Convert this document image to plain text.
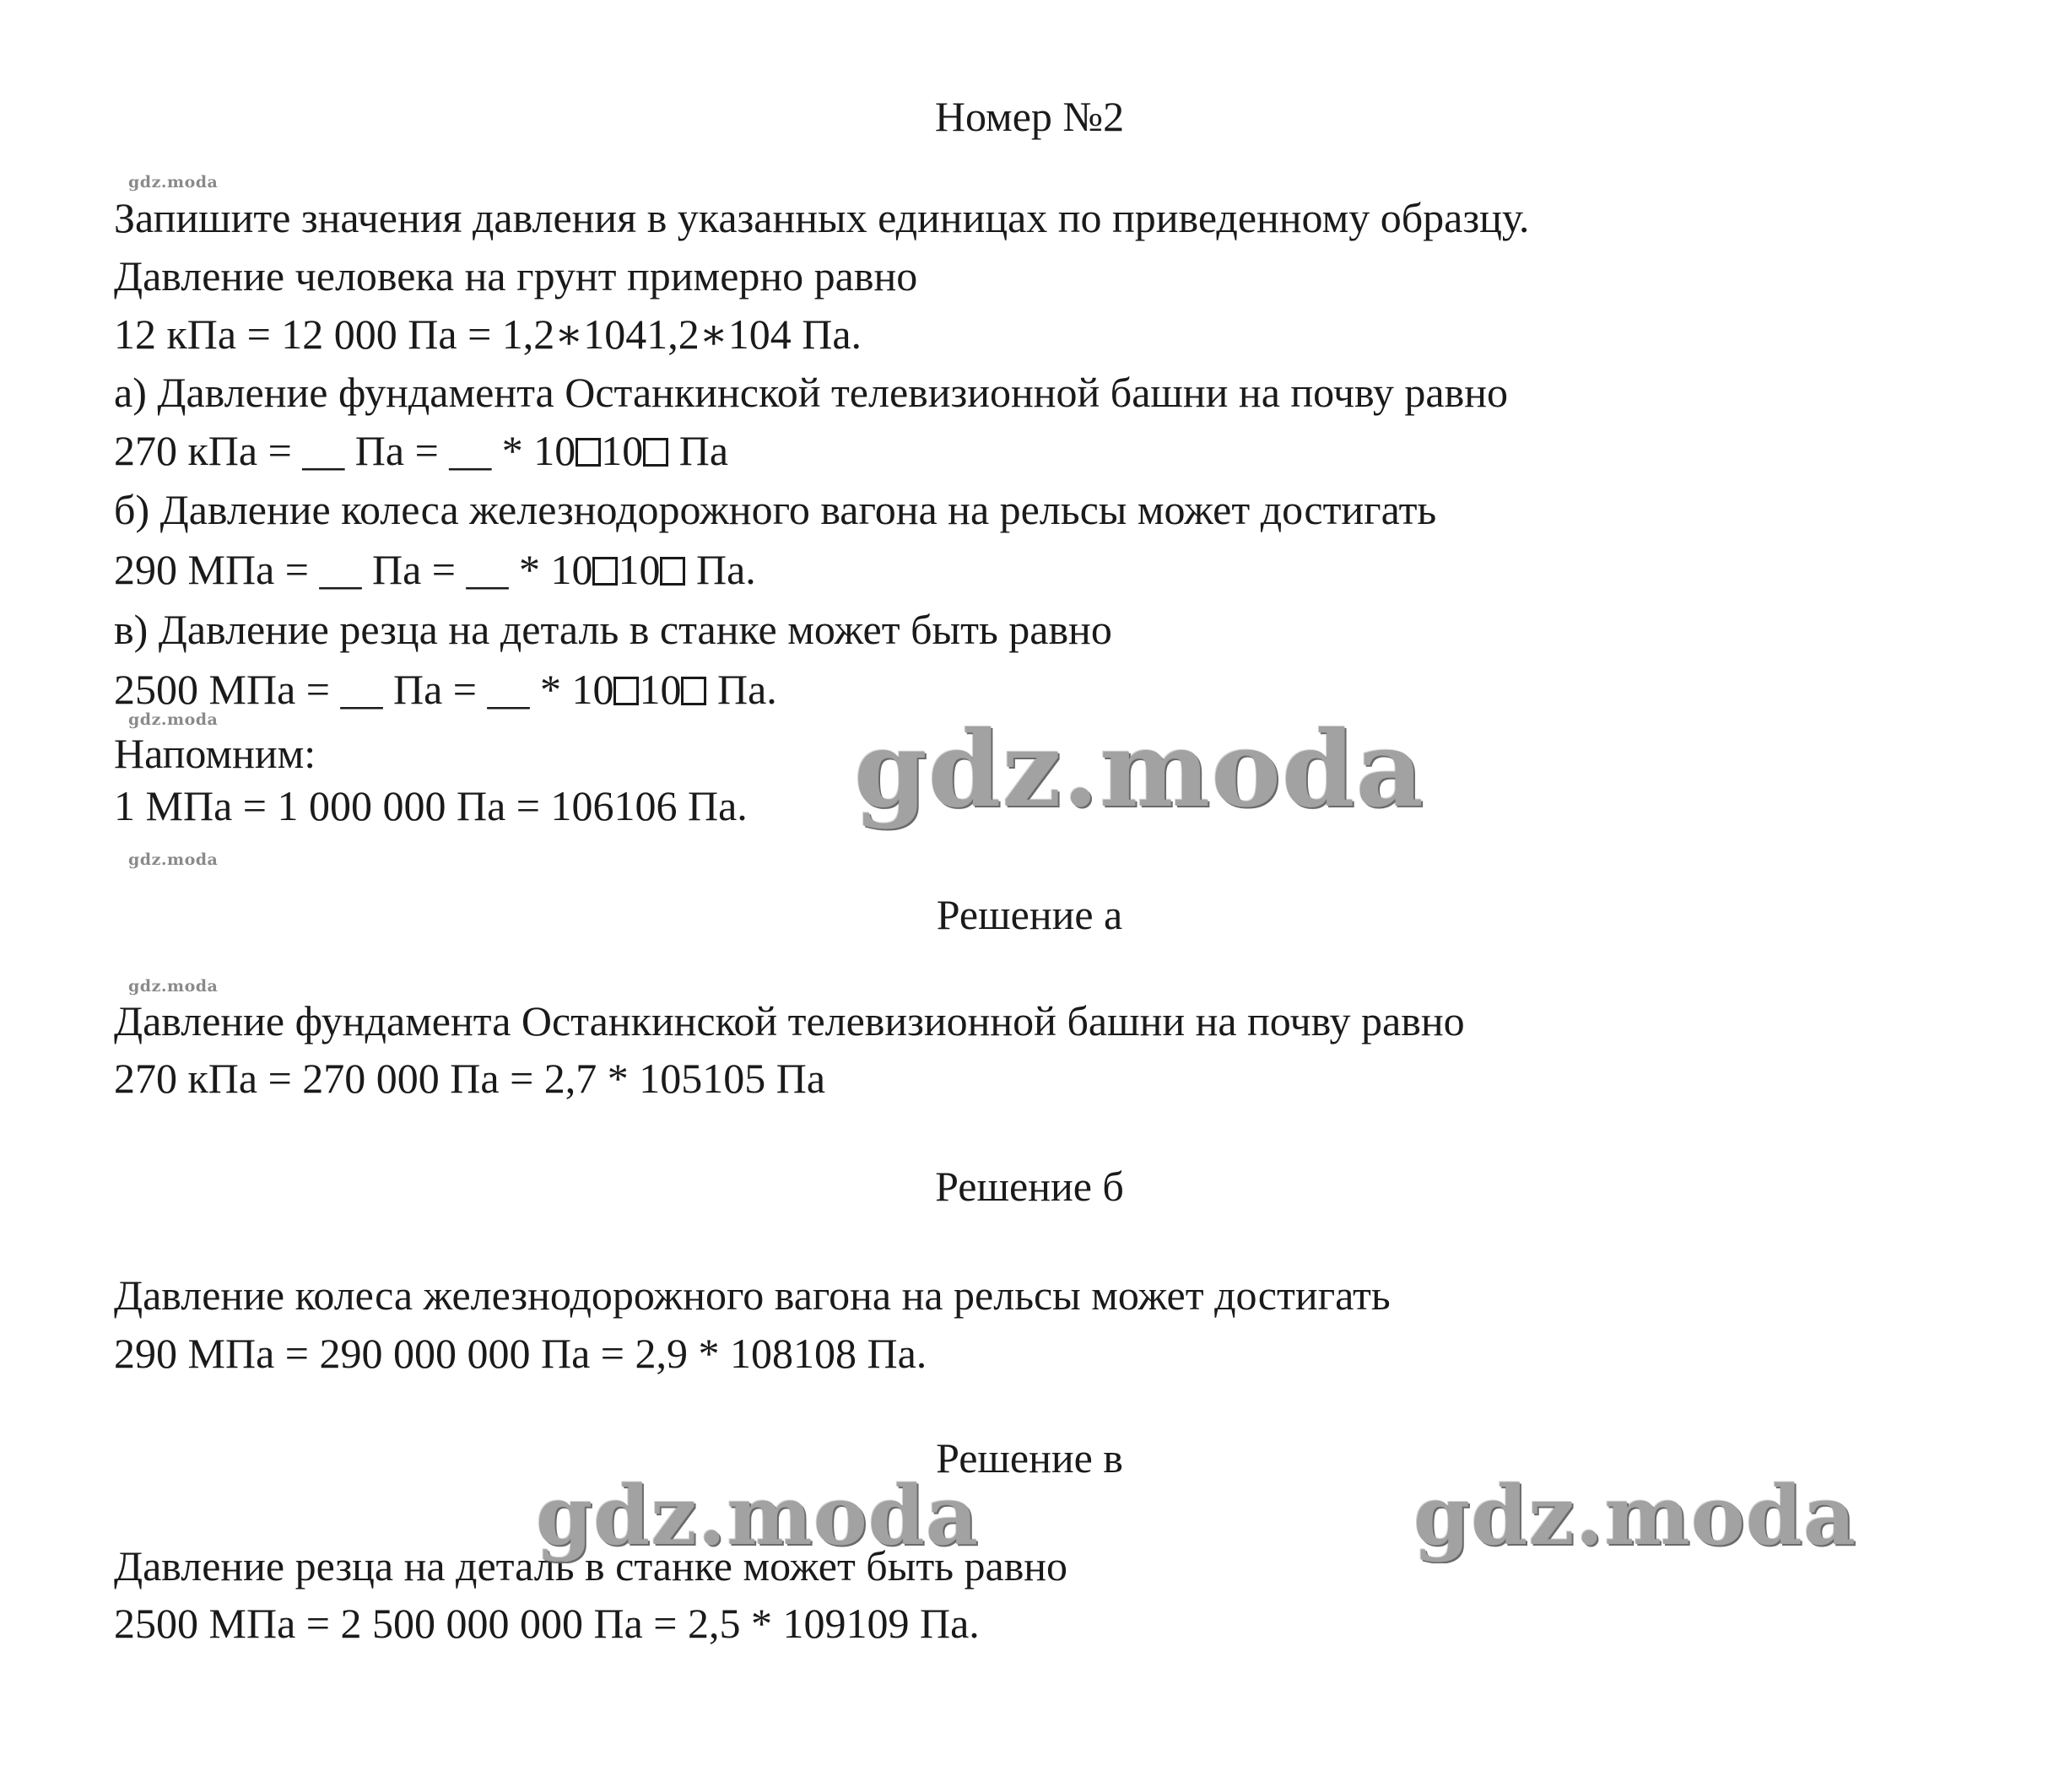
Номер №2
gdz.moda
gdz.moda
gdz.moda
gdz.moda
Запишите значения давления в указанных единицах по приведенному образцу.
Давление человека на грунт примерно равно
12 кПа = 12 000 Па = 1,2∗1041,2∗104 Па.
а) Давление фундамента Останкинской телевизионной башни на почву равно
270 кПа = __ Па = __ * 10 10 Па
б) Давление колеса железнодорожного вагона на рельсы может достигать
290 МПа = __ Па = __ * 10 10 Па.
в) Давление резца на деталь в станке может быть равно
2500 МПа = __ Па = __ * 10 10 Па.
Напомним:
1 МПа = 1 000 000 Па = 106106 Па.
Решение а
Давление фундамента Останкинской телевизионной башни на почву равно
270 кПа = 270 000 Па = 2,7 * 105105 Па
Решение б
Давление колеса железнодорожного вагона на рельсы может достигать
290 МПа = 290 000 000 Па = 2,9 * 108108 Па.
Решение в
Давление резца на деталь в станке может быть равно
2500 МПа = 2 500 000 000 Па = 2,5 * 109109 Па.
gdz.moda
gdz.moda	gdz.moda
